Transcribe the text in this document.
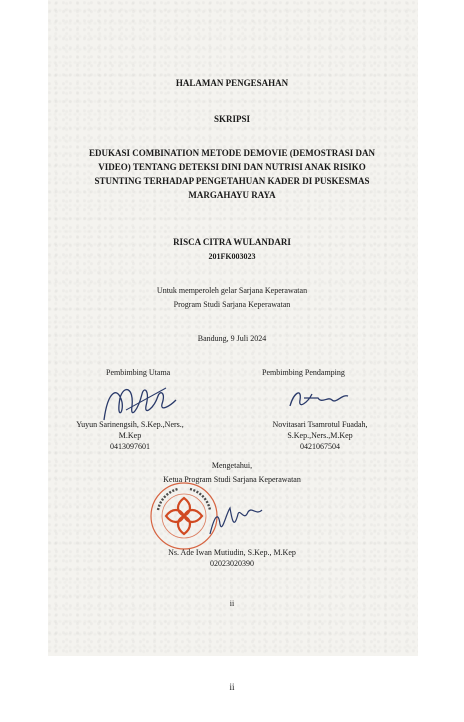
HALAMAN PENGESAHAN
SKRIPSI
EDUKASI COMBINATION METODE DEMOVIE (DEMOSTRASI DAN
VIDEO) TENTANG DETEKSI DINI DAN NUTRISI ANAK RISIKO
STUNTING TERHADAP PENGETAHUAN KADER DI PUSKESMAS
MARGAHAYU RAYA
RISCA CITRA WULANDARI
201FK003023
Untuk memperoleh gelar Sarjana Keperawatan
Program Studi Sarjana Keperawatan
Bandung, 9 Juli 2024
Pembimbing Utama
Yuyun Sarinengsih, S.Kep.,Ners.,
M.Kep
0413097601
Pembimbing Pendamping
Novitasari Tsamrotul Fuadah,
S.Kep.,Ners.,M.Kep
0421067504
Mengetahui,
Ketua Program Studi Sarjana Keperawatan
Ns. Ade Iwan Mutiudin, S.Kep., M.Kep
02023020390
ii
ii
